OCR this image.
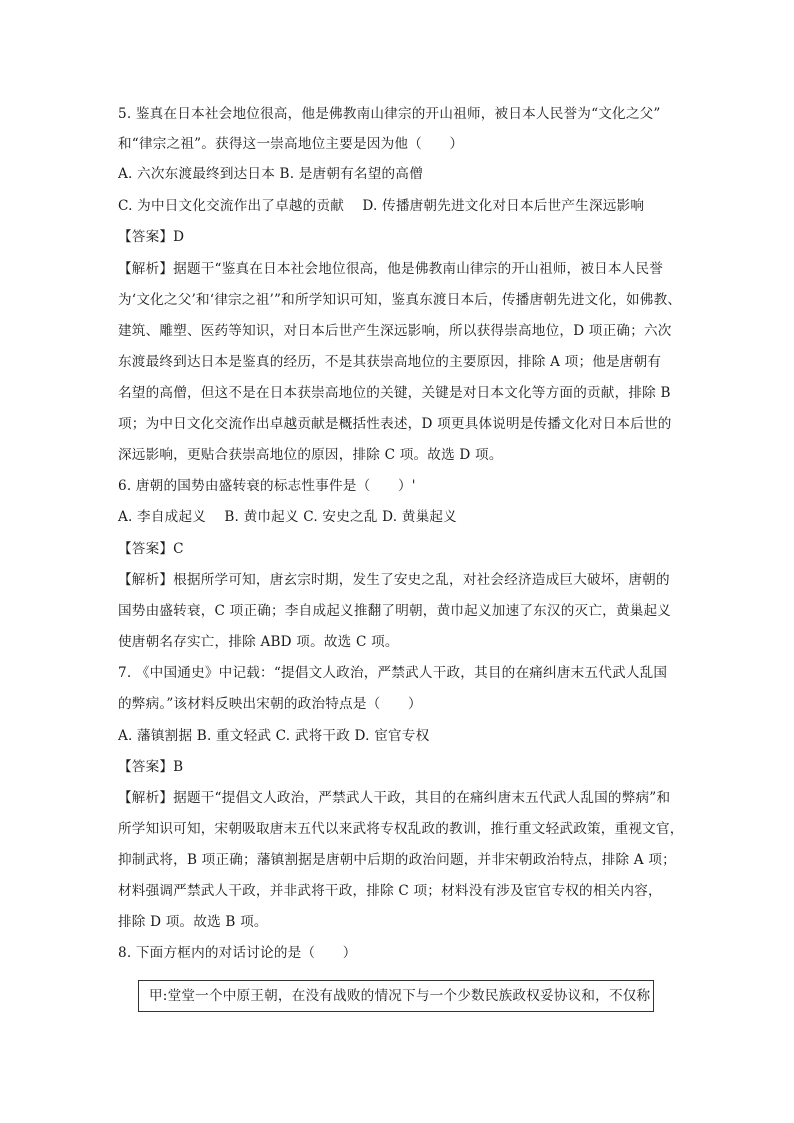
5. 鉴真在日本社会地位很高，他是佛教南山律宗的开山祖师，被日本人民誉为“文化之父”
和“律宗之祖”。获得这一崇高地位主要是因为他（　　）
A. 六次东渡最终到达日本 B. 是唐朝有名望的高僧
C. 为中日文化交流作出了卓越的贡献　 D. 传播唐朝先进文化对日本后世产生深远影响
【答案】D
【解析】据题干“鉴真在日本社会地位很高，他是佛教南山律宗的开山祖师，被日本人民誉
为‘文化之父’和‘律宗之祖’”和所学知识可知，鉴真东渡日本后，传播唐朝先进文化，如佛教、
建筑、雕塑、医药等知识，对日本后世产生深远影响，所以获得崇高地位，D 项正确；六次
东渡最终到达日本是鉴真的经历，不是其获崇高地位的主要原因，排除 A 项；他是唐朝有
名望的高僧，但这不是在日本获崇高地位的关键，关键是对日本文化等方面的贡献，排除 B
项；为中日文化交流作出卓越贡献是概括性表述，D 项更具体说明是传播文化对日本后世的
深远影响，更贴合获崇高地位的原因，排除 C 项。故选 D 项。
6. 唐朝的国势由盛转衰的标志性事件是（　　）'
A. 李自成起义　 B. 黄巾起义 C. 安史之乱 D. 黄巢起义
【答案】C
【解析】根据所学可知，唐玄宗时期，发生了安史之乱，对社会经济造成巨大破坏，唐朝的
国势由盛转衰，C 项正确；李自成起义推翻了明朝，黄巾起义加速了东汉的灭亡，黄巢起义
使唐朝名存实亡，排除 ABD 项。故选 C 项。
7. 《中国通史》中记载：“提倡文人政治，严禁武人干政，其目的在痛纠唐末五代武人乱国
的弊病。”该材料反映出宋朝的政治特点是（　　）
A. 藩镇割据 B. 重文轻武 C. 武将干政 D. 宦官专权
【答案】B
【解析】据题干“提倡文人政治，严禁武人干政，其目的在痛纠唐末五代武人乱国的弊病”和
所学知识可知，宋朝吸取唐末五代以来武将专权乱政的教训，推行重文轻武政策，重视文官，
抑制武将，B 项正确；藩镇割据是唐朝中后期的政治问题，并非宋朝政治特点，排除 A 项；
材料强调严禁武人干政，并非武将干政，排除 C 项；材料没有涉及宦官专权的相关内容，
排除 D 项。故选 B 项。
8. 下面方框内的对话讨论的是（　　）
甲:堂堂一个中原王朝，在没有战败的情况下与一个少数民族政权妥协议和，不仅称
